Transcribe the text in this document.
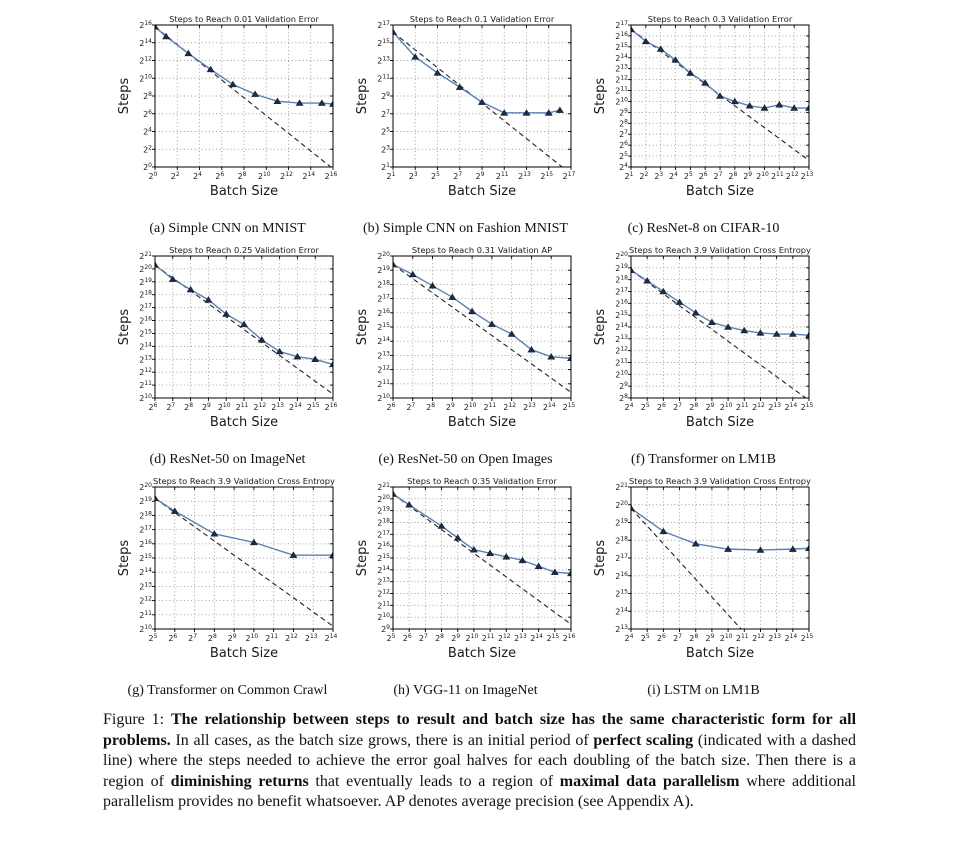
$2^0$ $2^2$ $2^4$ $2^6$ $2^8$ $2^{10}$ $2^{12}$ $2^{14}$ $2^{16}$
$2^0$
$2^2$
$2^4$
$2^6$
$2^8$
$2^{10}$
$2^{12}$
$2^{14}$
$2^{16}$ Steps to Reach 0.01 Validation Error
Batch Size
Steps
(a) Simple CNN on MNIST
$2^1$ $2^3$ $2^5$ $2^7$ $2^9$ $2^{11}$ $2^{13}$ $2^{15}$ $2^{17}$
$2^1$
$2^3$
$2^5$
$2^7$
$2^9$
$2^{11}$
$2^{13}$
$2^{15}$
$2^{17}$ Steps to Reach 0.1 Validation Error
Batch Size
Steps
(b) Simple CNN on Fashion MNIST
$2^1$ $2^2$ $2^3$ $2^4$ $2^5$ $2^6$ $2^7$ $2^8$ $2^9$ $2^{10}$ $2^{11}$ $2^{12}$ $2^{13}$
$2^4$
$2^5$
$2^6$
$2^7$
$2^8$
$2^9$
$2^{10}$
$2^{11}$
$2^{12}$
$2^{13}$
$2^{14}$
$2^{15}$
$2^{16}$
$2^{17}$ Steps to Reach 0.3 Validation Error
Batch Size
Steps
(c) ResNet-8 on CIFAR-10
$2^6$ $2^7$ $2^8$ $2^9$ $2^{10}$ $2^{11}$ $2^{12}$ $2^{13}$ $2^{14}$ $2^{15}$ $2^{16}$
$2^{10}$
$2^{11}$
$2^{12}$
$2^{13}$
$2^{14}$
$2^{15}$
$2^{16}$
$2^{17}$
$2^{18}$
$2^{19}$
$2^{20}$
$2^{21}$ Steps to Reach 0.25 Validation Error
Batch Size
Steps
(d) ResNet-50 on ImageNet
$2^6$ $2^7$ $2^8$ $2^9$ $2^{10}$ $2^{11}$ $2^{12}$ $2^{13}$ $2^{14}$ $2^{15}$
$2^{10}$
$2^{11}$
$2^{12}$
$2^{13}$
$2^{14}$
$2^{15}$
$2^{16}$
$2^{17}$
$2^{18}$
$2^{19}$
$2^{20}$	Steps to Reach 0.31 Validation AP
Batch Size
Steps
(e) ResNet-50 on Open Images
$2^4$ $2^5$ $2^6$ $2^7$ $2^8$ $2^9$ $2^{10}$ $2^{11}$ $2^{12}$ $2^{13}$ $2^{14}$ $2^{15}$
$2^8$
$2^9$
$2^{10}$
$2^{11}$
$2^{12}$
$2^{13}$
$2^{14}$
$2^{15}$
$2^{16}$
$2^{17}$
$2^{18}$
$2^{19}$
$2^{20}$ Steps to Reach 3.9 Validation Cross Entropy
Batch Size
Steps
(f) Transformer on LM1B
$2^5$ $2^6$ $2^7$ $2^8$ $2^9$ $2^{10}$ $2^{11}$ $2^{12}$ $2^{13}$ $2^{14}$
$2^{10}$
$2^{11}$
$2^{12}$
$2^{13}$
$2^{14}$
$2^{15}$
$2^{16}$
$2^{17}$
$2^{18}$
$2^{19}$
$2^{20}$ Steps to Reach 3.9 Validation Cross Entropy
Batch Size
Steps
(g) Transformer on Common Crawl
$2^5$ $2^6$ $2^7$ $2^8$ $2^9$ $2^{10}$ $2^{11}$ $2^{12}$ $2^{13}$ $2^{14}$ $2^{15}$ $2^{16}$
$2^9$
$2^{10}$
$2^{11}$
$2^{12}$
$2^{13}$
$2^{14}$
$2^{15}$
$2^{16}$
$2^{17}$
$2^{18}$
$2^{19}$
$2^{20}$
$2^{21}$ Steps to Reach 0.35 Validation Error
Batch Size
Steps
(h) VGG-11 on ImageNet
$2^4$ $2^5$ $2^6$ $2^7$ $2^8$ $2^9$ $2^{10}$ $2^{11}$ $2^{12}$ $2^{13}$ $2^{14}$ $2^{15}$
$2^{13}$
$2^{14}$
$2^{15}$
$2^{16}$
$2^{17}$
$2^{18}$
$2^{19}$
$2^{20}$
$2^{21}$ Steps to Reach 3.9 Validation Cross Entropy
Batch Size
Steps
(i) LSTM on LM1B

Figure 1: The relationship between steps to result and batch size has the same characteristic form for all problems. In all cases, as the batch size grows, there is an initial period of perfect scaling (indicated with a dashed line) where the steps needed to achieve the error goal halves for each doubling of the batch size. Then there is a region of diminishing returns that eventually leads to a region of maximal data parallelism where additional parallelism provides no benefit whatsoever. AP denotes average precision (see Appendix A).
